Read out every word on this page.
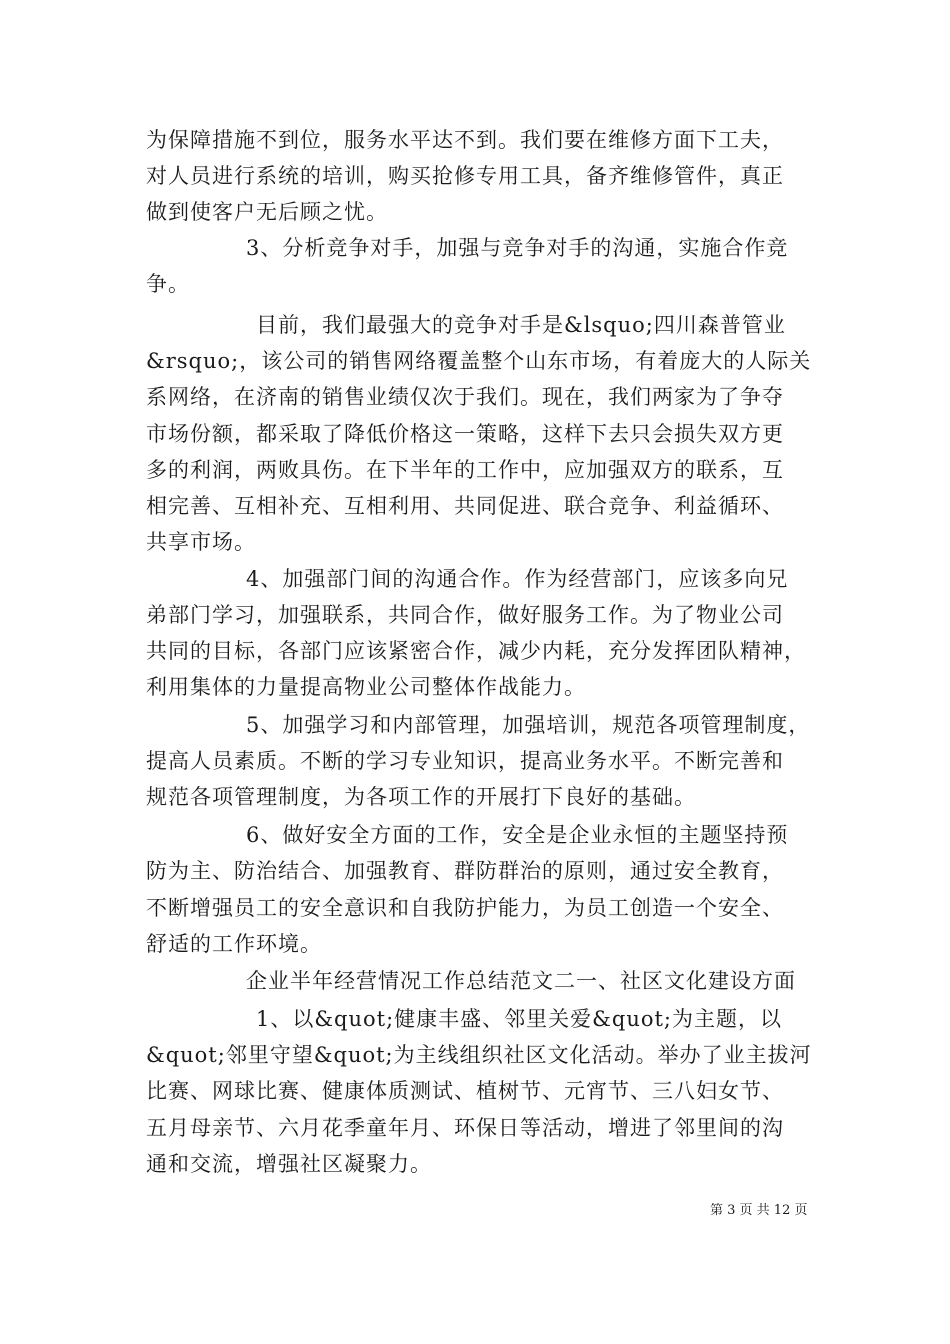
为保障措施不到位，服务水平达不到。我们要在维修方面下工夫，
对人员进行系统的培训，购买抢修专用工具，备齐维修管件，真正
做到使客户无后顾之忧。
3、分析竞争对手，加强与竞争对手的沟通，实施合作竞
争。
目前，我们最强大的竞争对手是&lsquo;四川森普管业
&rsquo;，该公司的销售网络覆盖整个山东市场，有着庞大的人际关
系网络，在济南的销售业绩仅次于我们。现在，我们两家为了争夺
市场份额，都采取了降低价格这一策略，这样下去只会损失双方更
多的利润，两败具伤。在下半年的工作中，应加强双方的联系，互
相完善、互相补充、互相利用、共同促进、联合竞争、利益循环、
共享市场。
4、加强部门间的沟通合作。作为经营部门，应该多向兄
弟部门学习，加强联系，共同合作，做好服务工作。为了物业公司
共同的目标，各部门应该紧密合作，减少内耗，充分发挥团队精神，
利用集体的力量提高物业公司整体作战能力。
5、加强学习和内部管理，加强培训，规范各项管理制度，
提高人员素质。不断的学习专业知识，提高业务水平。不断完善和
规范各项管理制度，为各项工作的开展打下良好的基础。
6、做好安全方面的工作，安全是企业永恒的主题坚持预
防为主、防治结合、加强教育、群防群治的原则，通过安全教育，
不断增强员工的安全意识和自我防护能力，为员工创造一个安全、
舒适的工作环境。
企业半年经营情况工作总结范文二一、社区文化建设方面
1、以&quot;健康丰盛、邻里关爱&quot;为主题，以
&quot;邻里守望&quot;为主线组织社区文化活动。举办了业主拔河
比赛、网球比赛、健康体质测试、植树节、元宵节、三八妇女节、
五月母亲节、六月花季童年月、环保日等活动，增进了邻里间的沟
通和交流，增强社区凝聚力。
第 3 页 共 12 页
